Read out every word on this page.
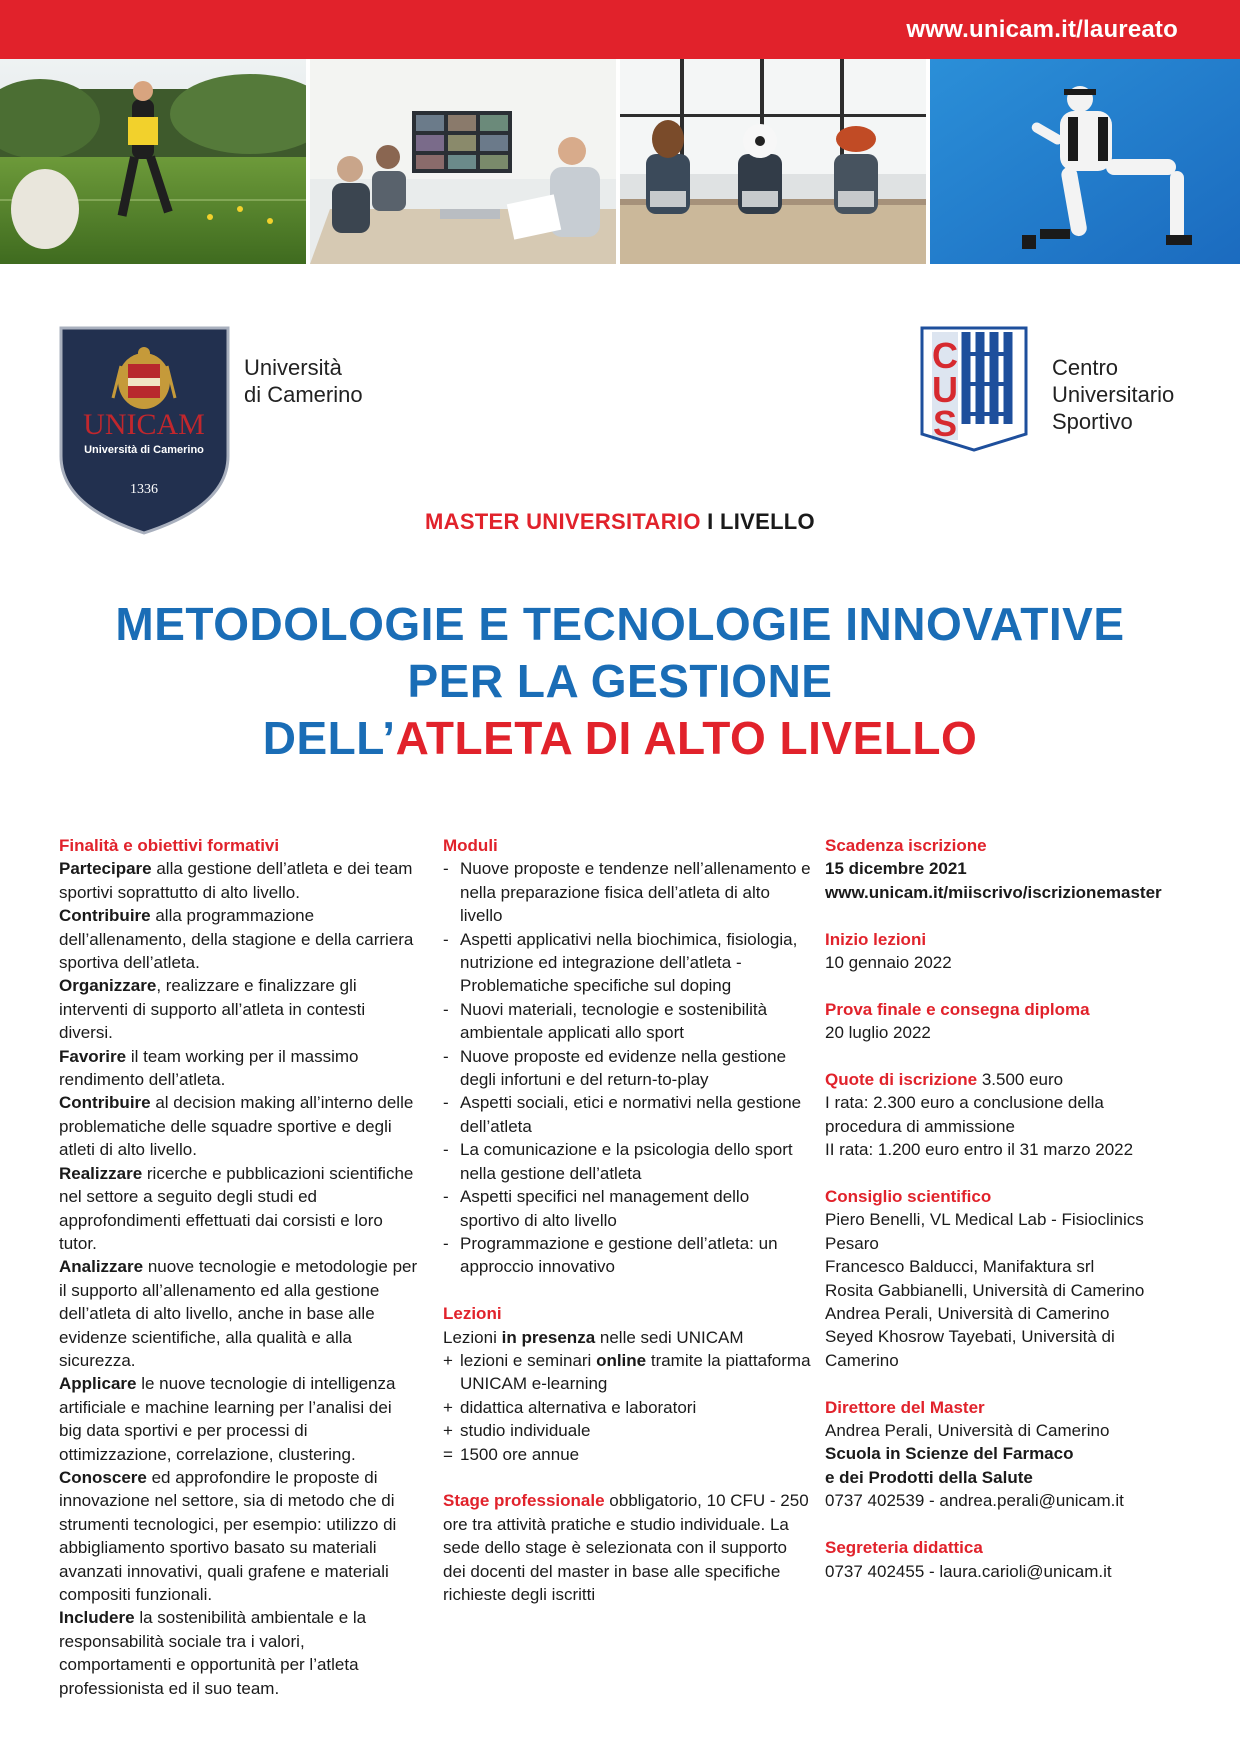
www.unicam.it/laureato
UNICAM
Università di Camerino
1336
Università
di Camerino
C
U
S
Centro
Universitario
Sportivo
MASTER UNIVERSITARIO I LIVELLO
METODOLOGIE E TECNOLOGIE INNOVATIVE
PER LA GESTIONE
DELL’ATLETA DI ALTO LIVELLO
Finalità e obiettivi formativi
Partecipare alla gestione dell’atleta e dei team sportivi soprattutto di alto livello.
Contribuire alla programmazione dell’allenamento, della stagione e della carriera sportiva dell’atleta.
Organizzare, realizzare e finalizzare gli interventi di supporto all’atleta in contesti diversi.
Favorire il team working per il massimo rendimento dell’atleta.
Contribuire al decision making all’interno delle problematiche delle squadre sportive e degli atleti di alto livello.
Realizzare ricerche e pubblicazioni scientifiche nel settore a seguito degli studi ed approfondimenti effettuati dai corsisti e loro tutor.
Analizzare nuove tecnologie e metodologie per il supporto all’allenamento ed alla gestione dell’atleta di alto livello, anche in base alle evidenze scientifiche, alla qualità e alla sicurezza.
Applicare le nuove tecnologie di intelligenza artificiale e machine learning per l’analisi dei big data sportivi e per processi di ottimizzazione, correlazione, clustering.
Conoscere ed approfondire le proposte di innovazione nel settore, sia di metodo che di strumenti tecnologici, per esempio: utilizzo di abbigliamento sportivo basato su materiali avanzati innovativi, quali grafene e materiali compositi funzionali.
Includere la sostenibilità ambientale e la responsabilità sociale tra i valori, comportamenti e opportunità per l’atleta professionista ed il suo team.
Moduli
- Nuove proposte e tendenze nell’allenamento e nella preparazione fisica dell’atleta di alto livello
- Aspetti applicativi nella biochimica, fisiologia, nutrizione ed integrazione dell’atleta - Problematiche specifiche sul doping
- Nuovi materiali, tecnologie e sostenibilità ambientale applicati allo sport
- Nuove proposte ed evidenze nella gestione degli infortuni e del return-to-play
- Aspetti sociali, etici e normativi nella gestione dell’atleta
- La comunicazione e la psicologia dello sport nella gestione dell’atleta
- Aspetti specifici nel management dello sportivo di alto livello
- Programmazione e gestione dell’atleta: un approccio innovativo
Lezioni
Lezioni in presenza nelle sedi UNICAM
+ lezioni e seminari online tramite la piattaforma UNICAM e-learning
+ didattica alternativa e laboratori
+ studio individuale
= 1500 ore annue
Stage professionale obbligatorio, 10 CFU - 250 ore tra attività pratiche e studio individuale. La sede dello stage è selezionata con il supporto dei docenti del master in base alle specifiche richieste degli iscritti
Scadenza iscrizione
15 dicembre 2021
www.unicam.it/miiscrivo/iscrizionemaster
Inizio lezioni
10 gennaio 2022
Prova finale e consegna diploma
20 luglio 2022
Quote di iscrizione 3.500 euro
I rata: 2.300 euro a conclusione della procedura di ammissione
II rata: 1.200 euro entro il 31 marzo 2022
Consiglio scientifico
Piero Benelli, VL Medical Lab - Fisioclinics Pesaro
Francesco Balducci, Manifaktura srl
Rosita Gabbianelli, Università di Camerino
Andrea Perali, Università di Camerino
Seyed Khosrow Tayebati, Università di Camerino
Direttore del Master
Andrea Perali, Università di Camerino
Scuola in Scienze del Farmaco
e dei Prodotti della Salute
0737 402539 - andrea.perali@unicam.it
Segreteria didattica
0737 402455 - laura.carioli@unicam.it
